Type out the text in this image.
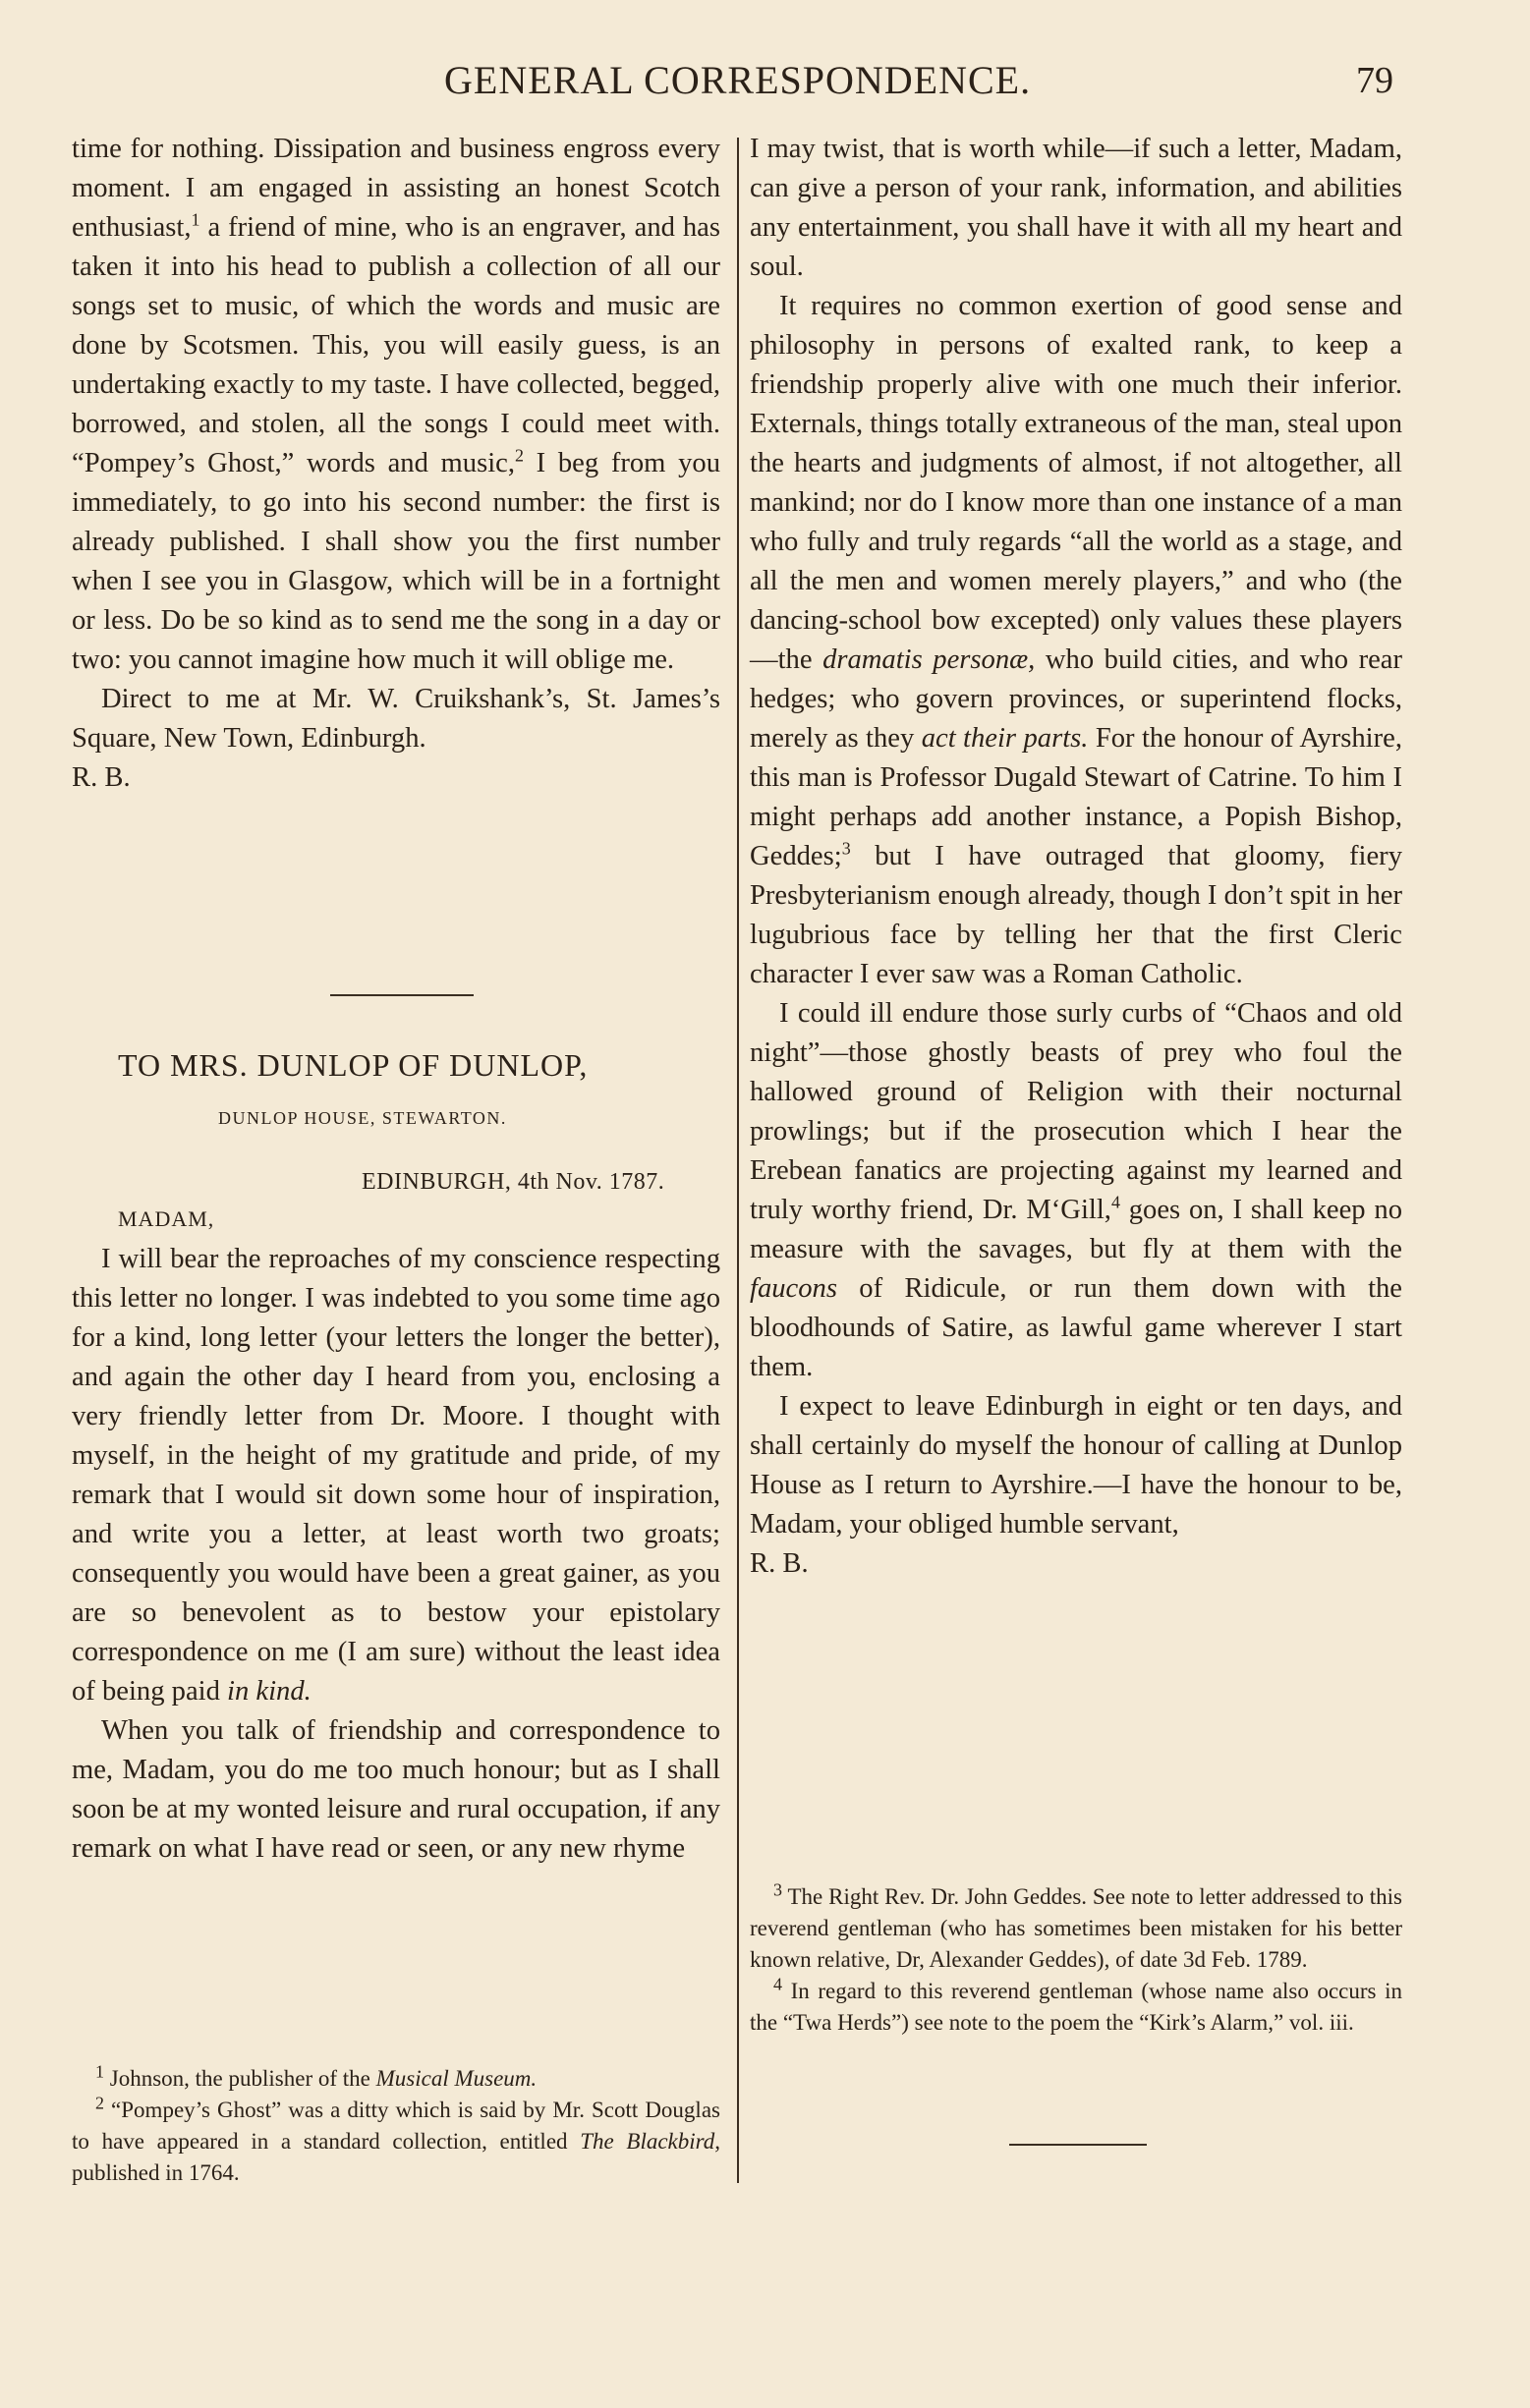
GENERAL CORRESPONDENCE.	79

time for nothing. Dissipation and business engross every moment. I am engaged in assisting an honest Scotch enthusiast,$^1$ a friend of mine, who is an engraver, and has taken it into his head to publish a collection of all our songs set to music, of which the words and music are done by Scotsmen. This, you will easily guess, is an undertaking exactly to my taste. I have collected, begged, borrowed, and stolen, all the songs I could meet with. “Pompey’s Ghost,” words and music,$^2$ I beg from you immediately, to go into his second number: the first is already published. I shall show you the first number when I see you in Glasgow, which will be in a fortnight or less. Do be so kind as to send me the song in a day or two: you cannot imagine how much it will oblige me.

Direct to me at Mr. W. Cruikshank’s, St. James’s Square, New Town, Edinburgh.

R. B.

TO MRS. DUNLOP OF DUNLOP,
DUNLOP HOUSE, STEWARTON.
EDINBURGH, 4th Nov. 1787.
MADAM,

I will bear the reproaches of my conscience respecting this letter no longer. I was indebted to you some time ago for a kind, long letter (your letters the longer the better), and again the other day I heard from you, enclosing a very friendly letter from Dr. Moore. I thought with myself, in the height of my gratitude and pride, of my remark that I would sit down some hour of inspiration, and write you a letter, at least worth two groats; consequently you would have been a great gainer, as you are so benevolent as to bestow your epistolary correspondence on me (I am sure) without the least idea of being paid in kind.

When you talk of friendship and correspondence to me, Madam, you do me too much honour; but as I shall soon be at my wonted leisure and rural occupation, if any remark on what I have read or seen, or any new rhyme

$^1$ Johnson, the publisher of the Musical Museum.

$^2$ “Pompey’s Ghost” was a ditty which is said by Mr. Scott Douglas to have appeared in a standard collection, entitled The Blackbird, published in 1764.

I may twist, that is worth while—if such a letter, Madam, can give a person of your rank, information, and abilities any entertainment, you shall have it with all my heart and soul.

It requires no common exertion of good sense and philosophy in persons of exalted rank, to keep a friendship properly alive with one much their inferior. Externals, things totally extraneous of the man, steal upon the hearts and judgments of almost, if not altogether, all mankind; nor do I know more than one instance of a man who fully and truly regards “all the world as a stage, and all the men and women merely players,” and who (the dancing-school bow excepted) only values these players—the dramatis personæ, who build cities, and who rear hedges; who govern provinces, or superintend flocks, merely as they act their parts. For the honour of Ayrshire, this man is Professor Dugald Stewart of Catrine. To him I might perhaps add another instance, a Popish Bishop, Geddes;$^3$ but I have outraged that gloomy, fiery Presbyterianism enough already, though I don’t spit in her lugubrious face by telling her that the first Cleric character I ever saw was a Roman Catholic.

I could ill endure those surly curbs of “Chaos and old night”—those ghostly beasts of prey who foul the hallowed ground of Religion with their nocturnal prowlings; but if the prosecution which I hear the Erebean fanatics are projecting against my learned and truly worthy friend, Dr. M‘Gill,$^4$ goes on, I shall keep no measure with the savages, but fly at them with the faucons of Ridicule, or run them down with the bloodhounds of Satire, as lawful game wherever I start them.

I expect to leave Edinburgh in eight or ten days, and shall certainly do myself the honour of calling at Dunlop House as I return to Ayrshire.—I have the honour to be, Madam, your obliged humble servant,

R. B.

$^3$ The Right Rev. Dr. John Geddes. See note to letter addressed to this reverend gentleman (who has sometimes been mistaken for his better known relative, Dr, Alexander Geddes), of date 3d Feb. 1789.

$^4$ In regard to this reverend gentleman (whose name also occurs in the “Twa Herds”) see note to the poem the “Kirk’s Alarm,” vol. iii.
